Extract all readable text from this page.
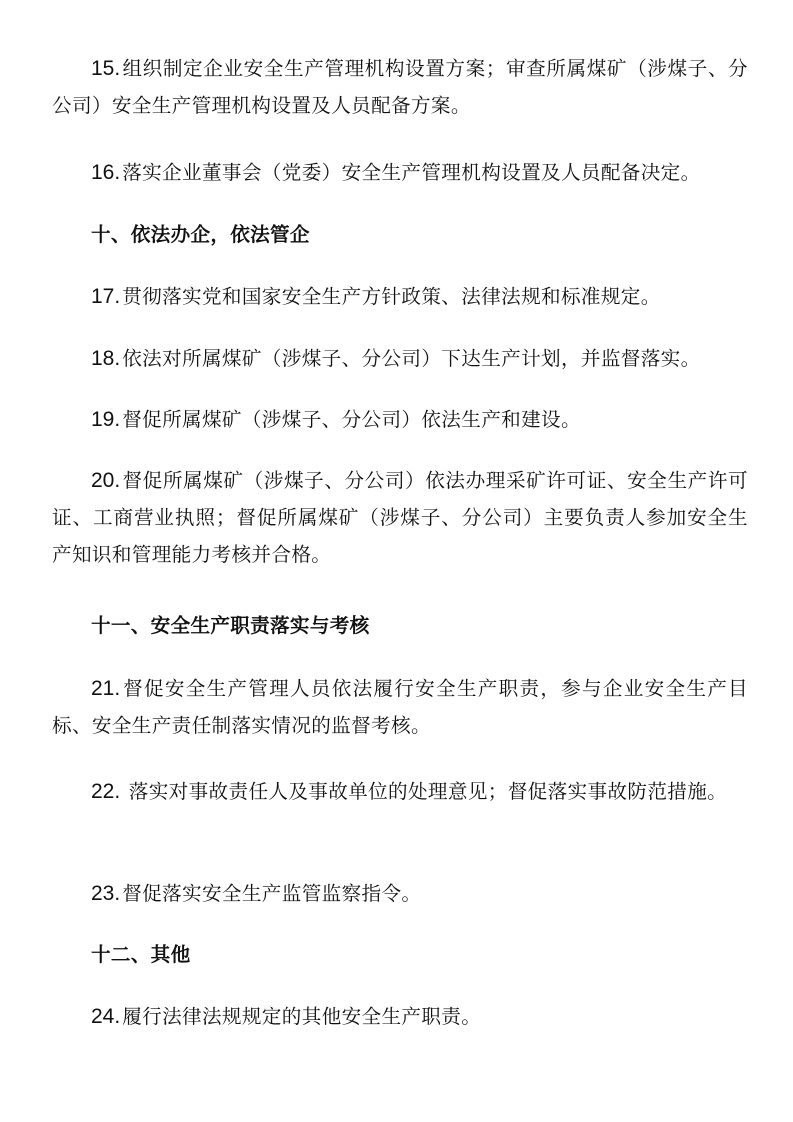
15. 组织制定企业安全生产管理机构设置方案；审查所属煤矿（涉煤子、分公司）安全生产管理机构设置及人员配备方案。

16. 落实企业董事会（党委）安全生产管理机构设置及人员配备决定。

十、依法办企，依法管企

17. 贯彻落实党和国家安全生产方针政策、法律法规和标准规定。

18. 依法对所属煤矿（涉煤子、分公司）下达生产计划，并监督落实。

19. 督促所属煤矿（涉煤子、分公司）依法生产和建设。

20. 督促所属煤矿（涉煤子、分公司）依法办理采矿许可证、安全生产许可证、工商营业执照；督促所属煤矿（涉煤子、分公司）主要负责人参加安全生产知识和管理能力考核并合格。

十一、安全生产职责落实与考核

21. 督促安全生产管理人员依法履行安全生产职责，参与企业安全生产目标、安全生产责任制落实情况的监督考核。

22. 落实对事故责任人及事故单位的处理意见；督促落实事故防范措施。

23. 督促落实安全生产监管监察指令。

十二、其他

24. 履行法律法规规定的其他安全生产职责。
